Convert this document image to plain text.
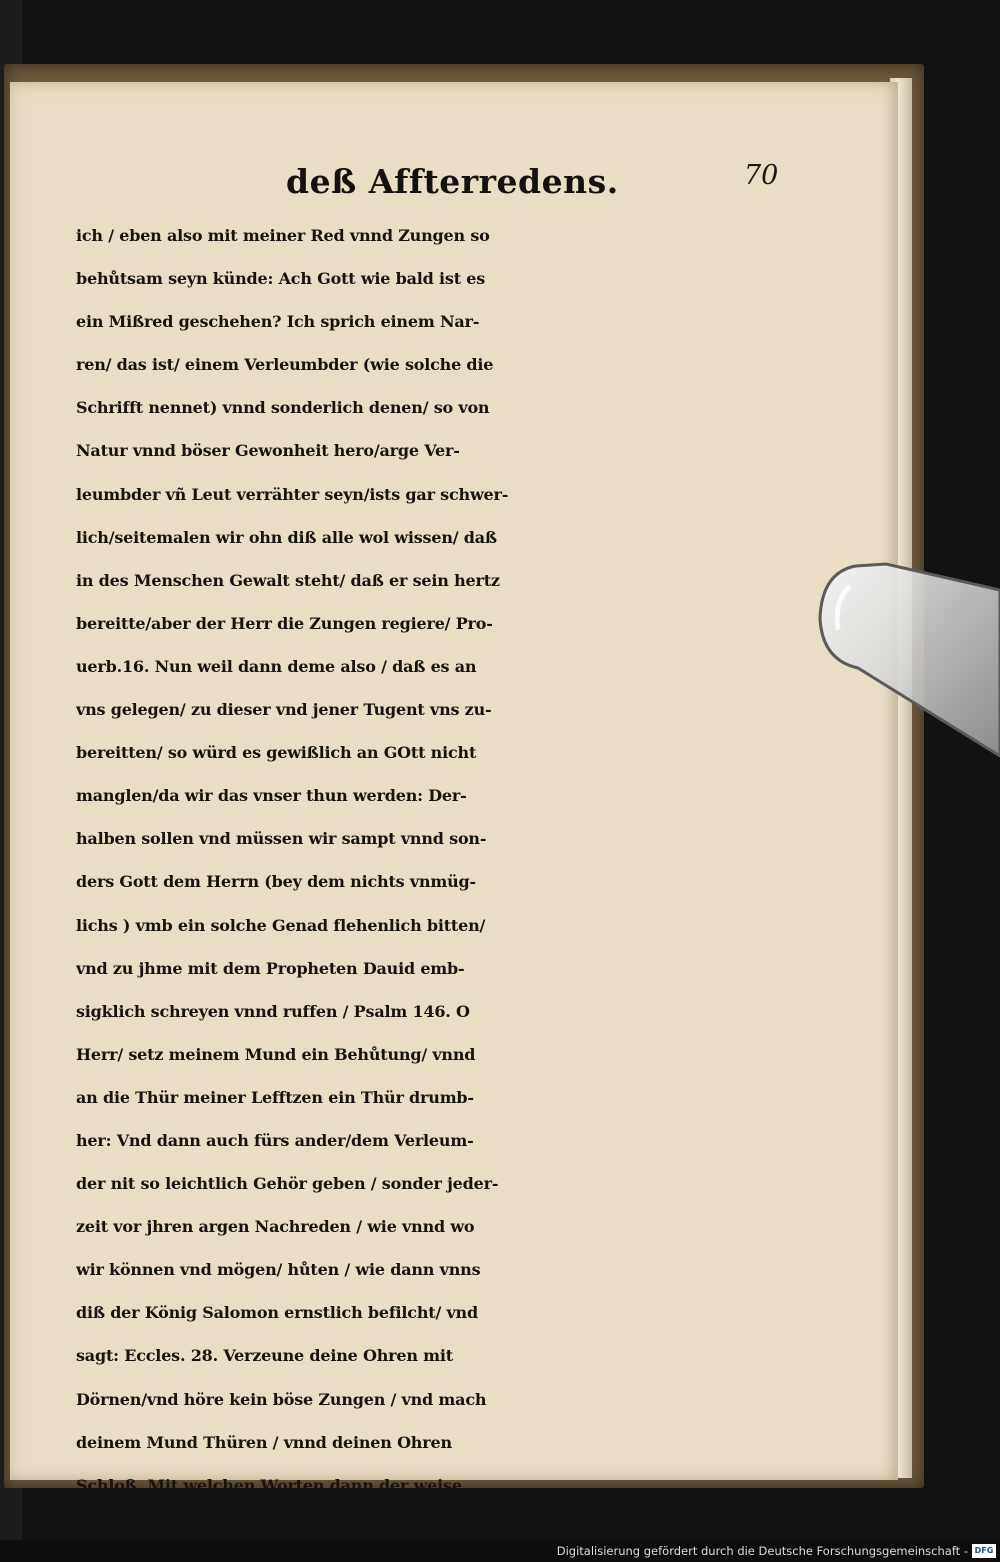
deß Affterredens.	70
ich / eben also mit meiner Red vnnd Zungen so
behůtsam seyn künde: Ach Gott wie bald ist es
ein Mißred geschehen? Ich sprich einem Nar-
ren/ das ist/ einem Verleumbder (wie solche die
Schrifft nennet) vnnd sonderlich denen/ so von
Natur vnnd böser Gewonheit hero/arge Ver-
leumbder vñ Leut verrähter seyn/ists gar schwer-
lich/seitemalen wir ohn diß alle wol wissen/ daß
in des Menschen Gewalt steht/ daß er sein hertz
bereitte/aber der Herr die Zungen regiere/ Pro-
uerb.16. Nun weil dann deme also / daß es an
vns gelegen/ zu dieser vnd jener Tugent vns zu-
bereitten/ so würd es gewißlich an GOtt nicht
manglen/da wir das vnser thun werden: Der-
halben sollen vnd müssen wir sampt vnnd son-
ders Gott dem Herrn (bey dem nichts vnmüg-
lichs ) vmb ein solche Genad flehenlich bitten/
vnd zu jhme mit dem Propheten Dauid emb-
sigklich schreyen vnnd ruffen / Psalm 146. O
Herr/ setz meinem Mund ein Behůtung/ vnnd
an die Thür meiner Lefftzen ein Thür drumb-
her: Vnd dann auch fürs ander/dem Verleum-
der nit so leichtlich Gehör geben / sonder jeder-
zeit vor jhren argen Nachreden / wie vnnd wo
wir können vnd mögen/ hůten / wie dann vnns
diß der König Salomon ernstlich befilcht/ vnd
sagt: Eccles. 28. Verzeune deine Ohren mit
Dörnen/vnd höre kein böse Zungen / vnd mach
deinem Mund Thüren / vnnd deinen Ohren
Schloß. Mit welchen Worten dann der weise
Digitalisierung gefördert durch die Deutsche Forschungsgemeinschaft - DFG
